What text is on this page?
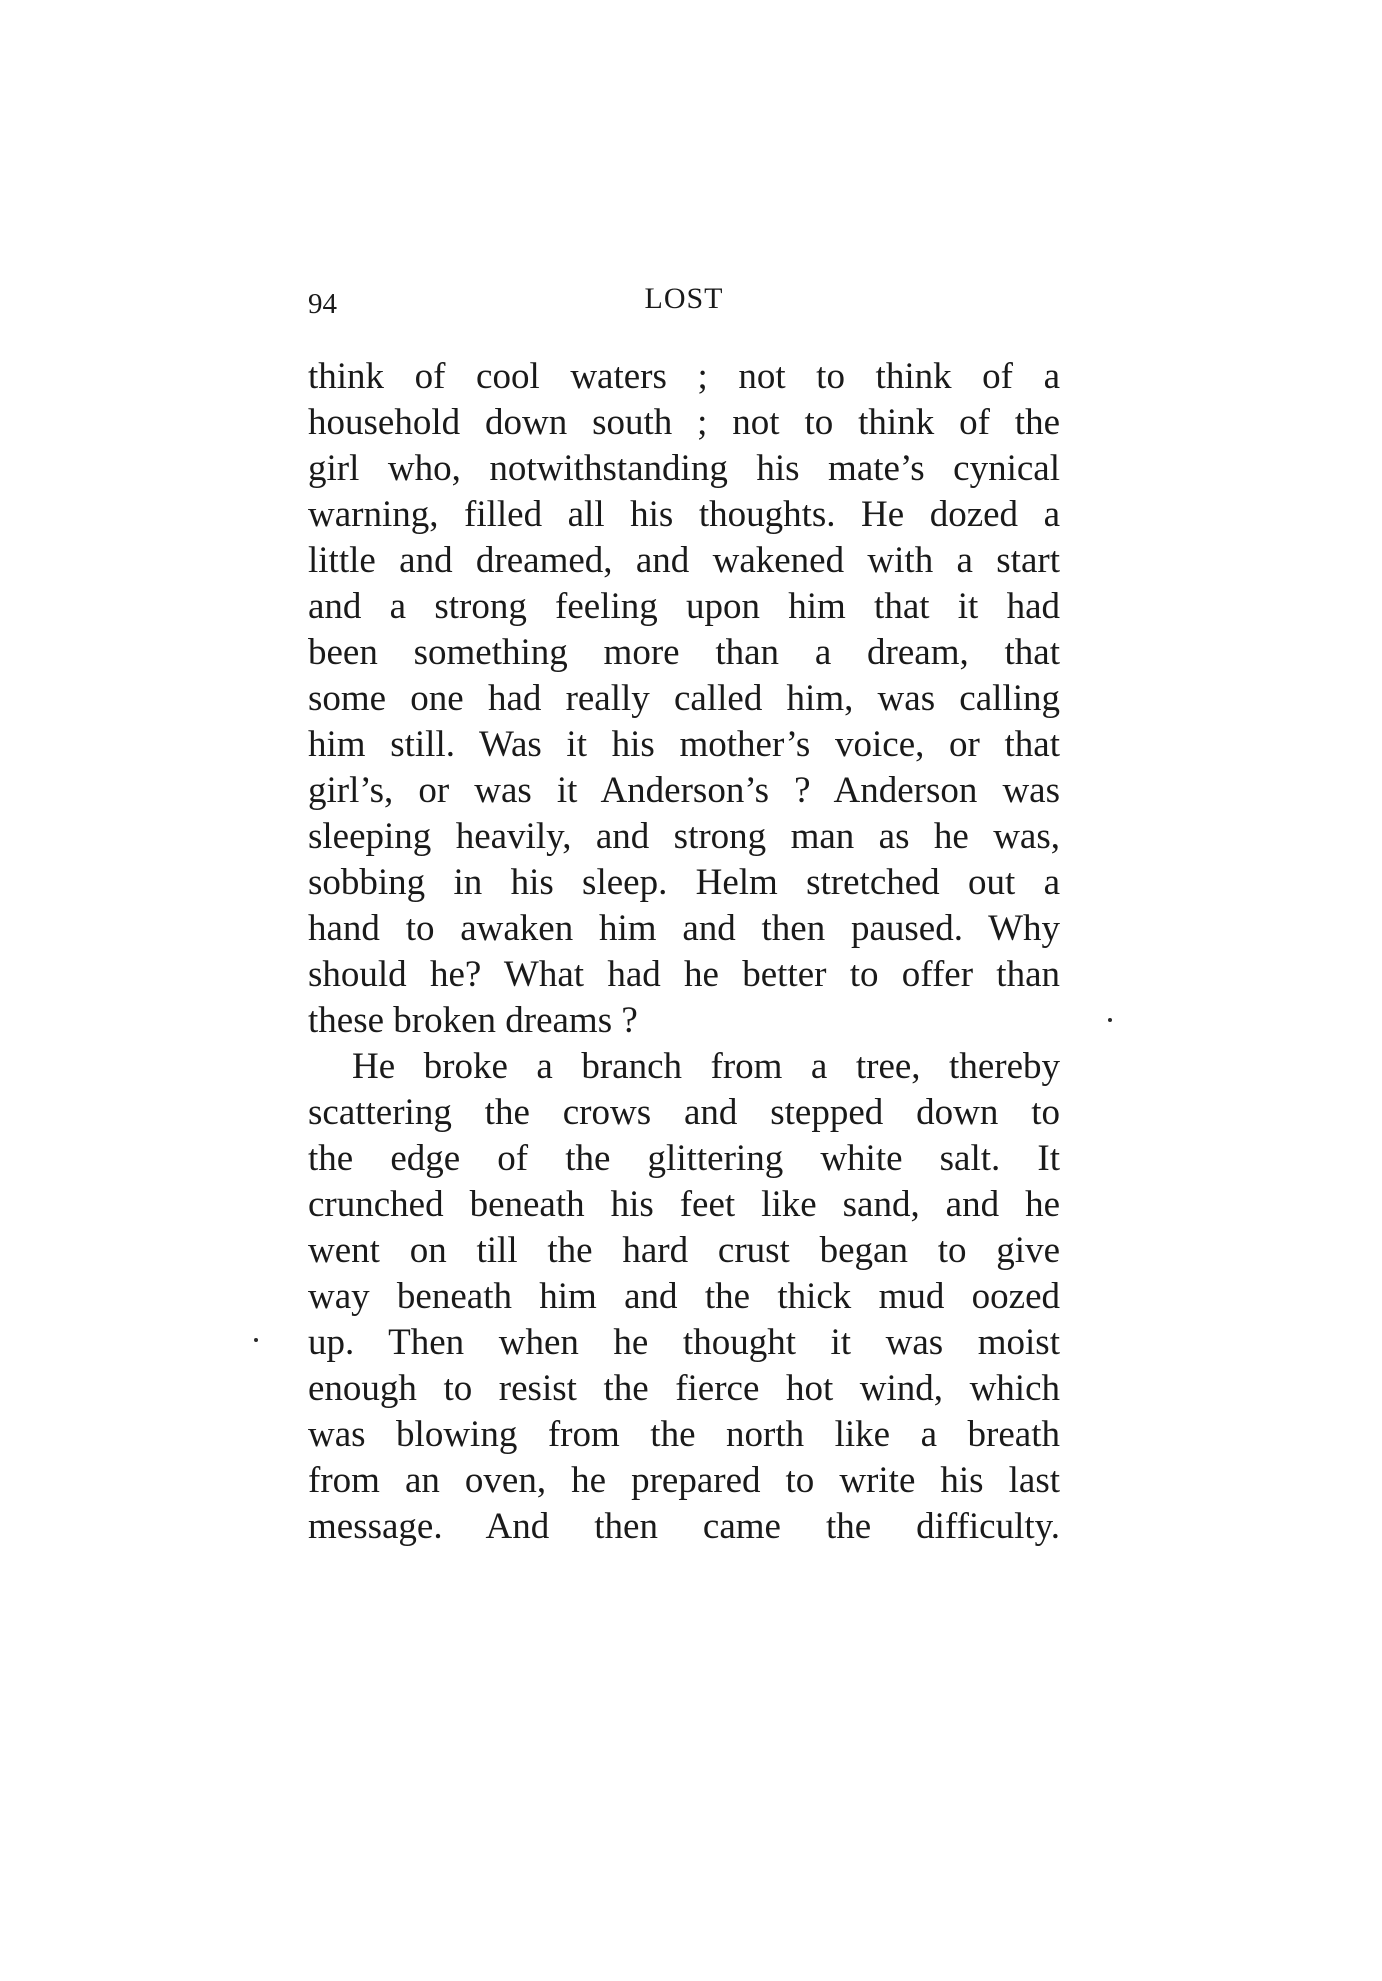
94	LOST
think of cool waters ; not to think of a
household down south ; not to think of the
girl who, notwithstanding his mate’s cynical
warning, filled all his thoughts. He dozed a
little and dreamed, and wakened with a start
and a strong feeling upon him that it had
been something more than a dream, that
some one had really called him, was calling
him still. Was it his mother’s voice, or that
girl’s, or was it Anderson’s ? Anderson was
sleeping heavily, and strong man as he was,
sobbing in his sleep. Helm stretched out a
hand to awaken him and then paused. Why
should he? What had he better to offer than
these broken dreams ?
He broke a branch from a tree, thereby
scattering the crows and stepped down to
the edge of the glittering white salt. It
crunched beneath his feet like sand, and he
went on till the hard crust began to give
way beneath him and the thick mud oozed
up. Then when he thought it was moist
enough to resist the fierce hot wind, which
was blowing from the north like a breath
from an oven, he prepared to write his last
message. And then came the difficulty.
